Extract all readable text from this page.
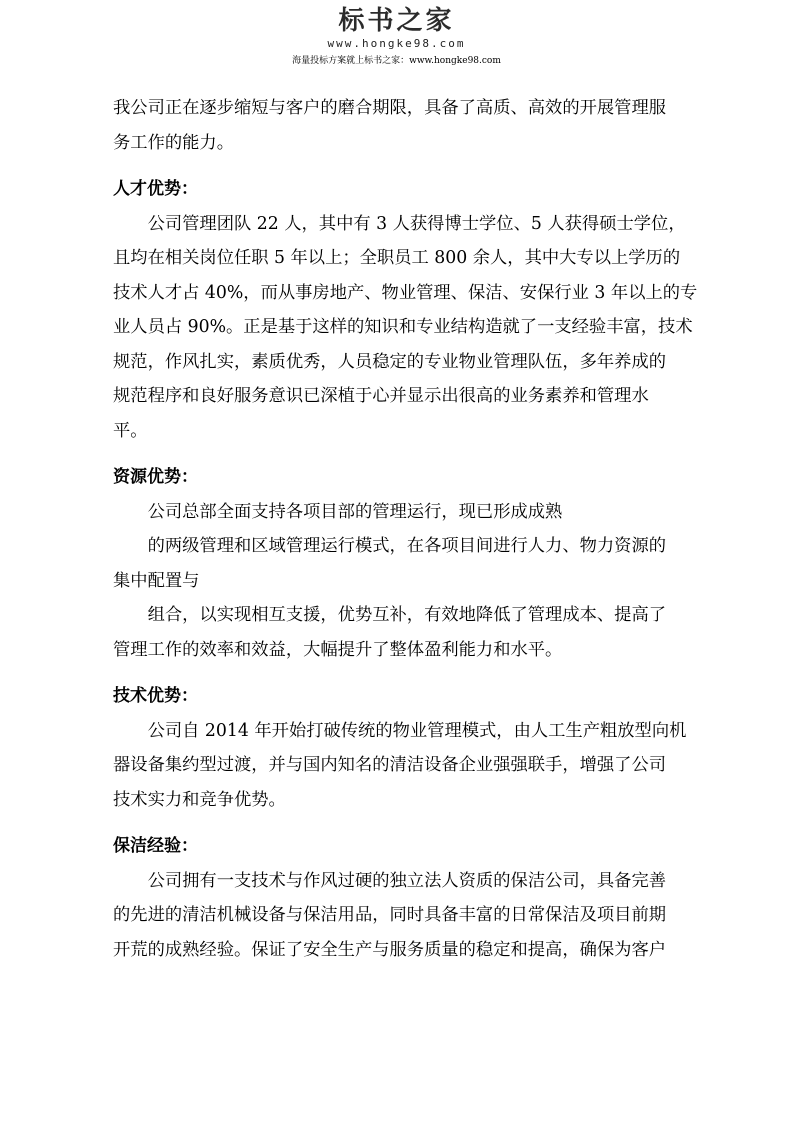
标书之家
www.hongke98.com
海量投标方案就上标书之家：www.hongke98.com

我公司正在逐步缩短与客户的磨合期限，具备了高质、高效的开展管理服
务工作的能力。

人才优势：

　　公司管理团队 22 人，其中有 3 人获得博士学位、5 人获得硕士学位，
且均在相关岗位任职 5 年以上；全职员工 800 余人，其中大专以上学历的
技术人才占 40%，而从事房地产、物业管理、保洁、安保行业 3 年以上的专
业人员占 90%。正是基于这样的知识和专业结构造就了一支经验丰富，技术
规范，作风扎实，素质优秀，人员稳定的专业物业管理队伍，多年养成的
规范程序和良好服务意识已深植于心并显示出很高的业务素养和管理水
平。

资源优势：

　　公司总部全面支持各项目部的管理运行，现已形成成熟
　　的两级管理和区域管理运行模式，在各项目间进行人力、物力资源的
集中配置与
　　组合，以实现相互支援，优势互补，有效地降低了管理成本、提高了
管理工作的效率和效益，大幅提升了整体盈利能力和水平。

技术优势：

　　公司自 2014 年开始打破传统的物业管理模式，由人工生产粗放型向机
器设备集约型过渡，并与国内知名的清洁设备企业强强联手，增强了公司
技术实力和竞争优势。

保洁经验：

　　公司拥有一支技术与作风过硬的独立法人资质的保洁公司，具备完善
的先进的清洁机械设备与保洁用品，同时具备丰富的日常保洁及项目前期
开荒的成熟经验。保证了安全生产与服务质量的稳定和提高，确保为客户
